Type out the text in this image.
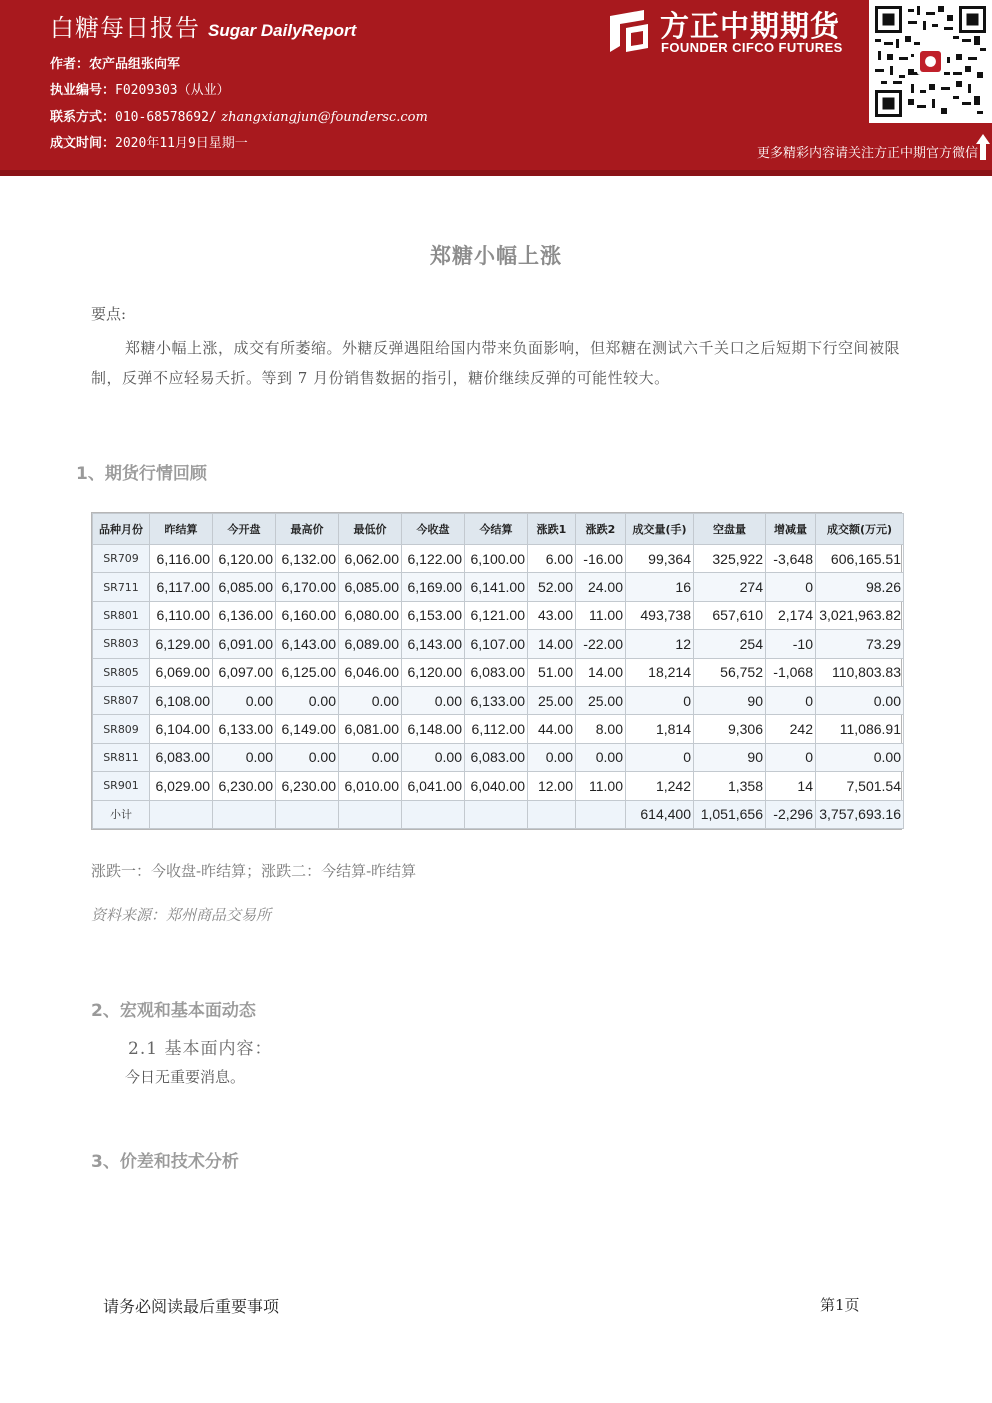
白糖每日报告 Sugar DailyReport
作者：农产品组张向军
执业编号：F0209303（从业）
联系方式：010-68578692/ zhangxiangjun@foundersc.com
成文时间：2020年11月9日星期一
方正中期期货
FOUNDER CIFCO FUTURES
更多精彩内容请关注方正中期官方微信
郑糖小幅上涨
要点:
郑糖小幅上涨，成交有所萎缩。外糖反弹遇阻给国内带来负面影响，但郑糖在测试六千关口之后短期下行空间被限制，反弹不应轻易夭折。等到 7 月份销售数据的指引，糖价继续反弹的可能性较大。
1、期货行情回顾
品种月份	昨结算	今开盘	最高价	最低价	今收盘	今结算	涨跌1	涨跌2	成交量(手)	空盘量	增减量	成交额(万元)
SR709	6,116.00	6,120.00	6,132.00	6,062.00	6,122.00	6,100.00	6.00	-16.00	99,364	325,922	-3,648	606,165.51
SR711	6,117.00	6,085.00	6,170.00	6,085.00	6,169.00	6,141.00	52.00	24.00	16	274	0	98.26
SR801	6,110.00	6,136.00	6,160.00	6,080.00	6,153.00	6,121.00	43.00	11.00	493,738	657,610	2,174	3,021,963.82
SR803	6,129.00	6,091.00	6,143.00	6,089.00	6,143.00	6,107.00	14.00	-22.00	12	254	-10	73.29
SR805	6,069.00	6,097.00	6,125.00	6,046.00	6,120.00	6,083.00	51.00	14.00	18,214	56,752	-1,068	110,803.83
SR807	6,108.00	0.00	0.00	0.00	0.00	6,133.00	25.00	25.00	0	90	0	0.00
SR809	6,104.00	6,133.00	6,149.00	6,081.00	6,148.00	6,112.00	44.00	8.00	1,814	9,306	242	11,086.91
SR811	6,083.00	0.00	0.00	0.00	0.00	6,083.00	0.00	0.00	0	90	0	0.00
SR901	6,029.00	6,230.00	6,230.00	6,010.00	6,041.00	6,040.00	12.00	11.00	1,242	1,358	14	7,501.54
小计									614,400	1,051,656	-2,296	3,757,693.16
涨跌一：今收盘-昨结算；涨跌二：今结算-昨结算
资料来源：郑州商品交易所
2、宏观和基本面动态
2.1 基本面内容：
今日无重要消息。
3、价差和技术分析
请务必阅读最后重要事项	第1页
